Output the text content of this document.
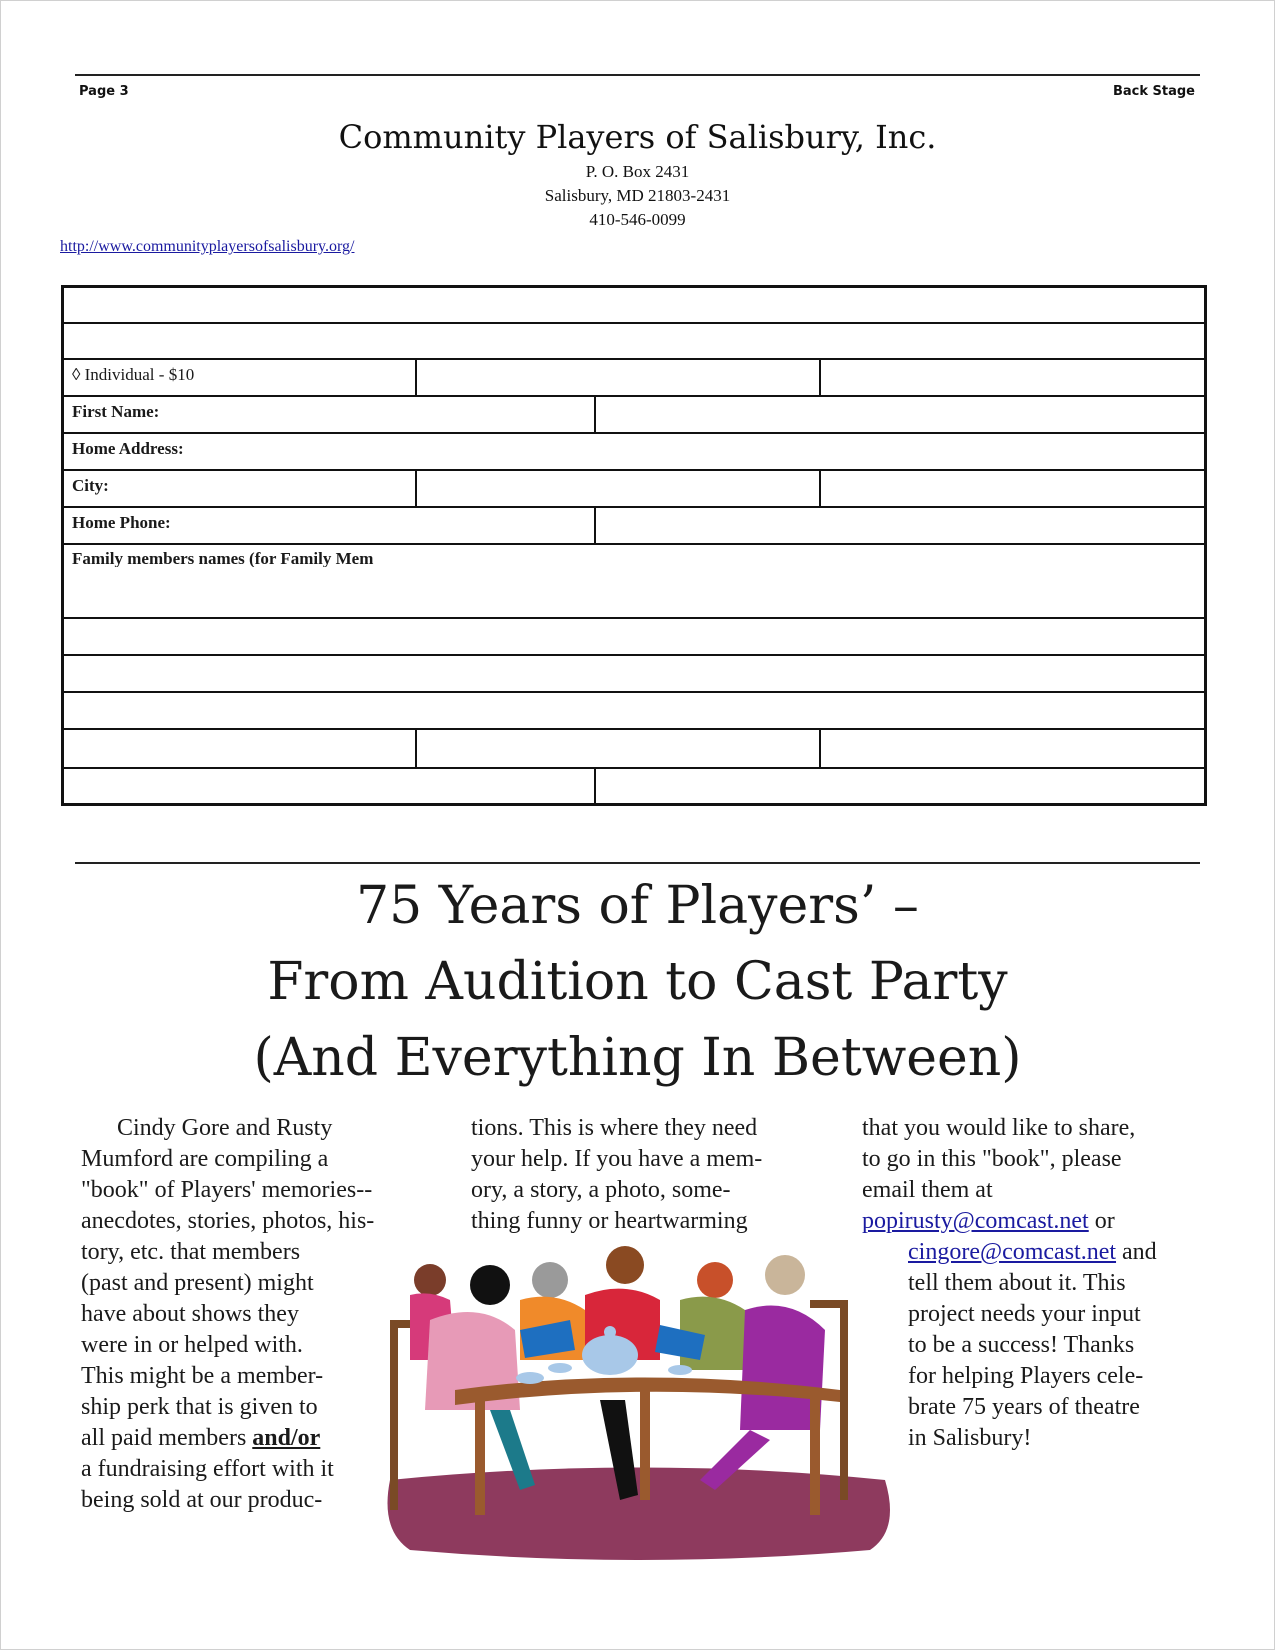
Page 3	Back Stage
Community Players of Salisbury, Inc.
P. O. Box 2431
Salisbury, MD 21803-2431
410-546-0099
http://www.communityplayersofsalisbury.org/
◊ Individual - $10
First Name:
Home Address:
City:
Home Phone:
Family members names (for Family Mem
75 Years of Players’ –
From Audition to Cast Party
(And Everything In Between)
Cindy Gore and Rusty
Mumford are compiling a
"book" of Players' memories--
anecdotes, stories, photos, his-
tory, etc. that members
(past and present) might
have about shows they
were in or helped with.
This might be a member-
ship perk that is given to
all paid members and/or
a fundraising effort with it
being sold at our produc-
tions. This is where they need
your help. If you have a mem-
ory, a story, a photo, some-
thing funny or heartwarming
that you would like to share,
to go in this "book", please
email them at
popirusty@comcast.net or
cingore@comcast.net and
tell them about it. This
project needs your input
to be a success! Thanks
for helping Players cele-
brate 75 years of theatre
in Salisbury!
